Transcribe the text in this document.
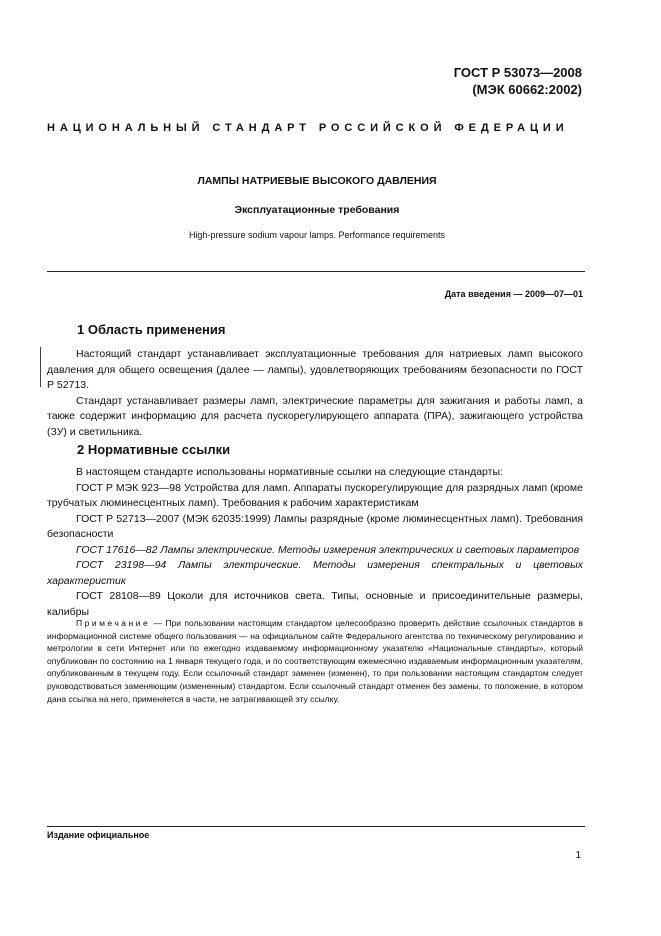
ГОСТ Р 53073—2008
(МЭК 60662:2002)
НАЦИОНАЛЬНЫЙ СТАНДАРТ РОССИЙСКОЙ ФЕДЕРАЦИИ
ЛАМПЫ НАТРИЕВЫЕ ВЫСОКОГО ДАВЛЕНИЯ
Эксплуатационные требования
High-pressure sodium vapour lamps. Performance requirements
Дата введения — 2009—07—01
1 Область применения

Настоящий стандарт устанавливает эксплуатационные требования для натриевых ламп высокого давления для общего освещения (далее — лампы), удовлетворяющих требованиям безопасности по ГОСТ Р 52713.

Стандарт устанавливает размеры ламп, электрические параметры для зажигания и работы ламп, а также содержит информацию для расчета пускорегулирующего аппарата (ПРА), зажигающего устройства (ЗУ) и светильника.

2 Нормативные ссылки

В настоящем стандарте использованы нормативные ссылки на следующие стандарты:

ГОСТ Р МЭК 923—98 Устройства для ламп. Аппараты пускорегулирующие для разрядных ламп (кроме трубчатых люминесцентных ламп). Требования к рабочим характеристикам

ГОСТ Р 52713—2007 (МЭК 62035:1999) Лампы разрядные (кроме люминесцентных ламп). Требования безопасности

ГОСТ 17616—82 Лампы электрические. Методы измерения электрических и световых параметров

ГОСТ 23198—94 Лампы электрические. Методы измерения спектральных и цветовых характеристик

ГОСТ 28108—89 Цоколи для источников света. Типы, основные и присоединительные размеры, калибры

Примечание — При пользовании настоящим стандартом целесообразно проверить действие ссылочных стандартов в информационной системе общего пользования — на официальном сайте Федерального агентства по техническому регулированию и метрологии в сети Интернет или по ежегодно издаваемому информационному указателю «Национальные стандарты», который опубликован по состоянию на 1 января текущего года, и по соответствующим ежемесячно издаваемым информационным указателям, опубликованным в текущем году. Если ссылочный стандарт заменен (изменен), то при пользовании настоящим стандартом следует руководствоваться заменяющим (измененным) стандартом. Если ссылочный стандарт отменен без замены, то положение, в котором дана ссылка на него, применяется в части, не затрагивающей эту ссылку.

Издание официальное
1
